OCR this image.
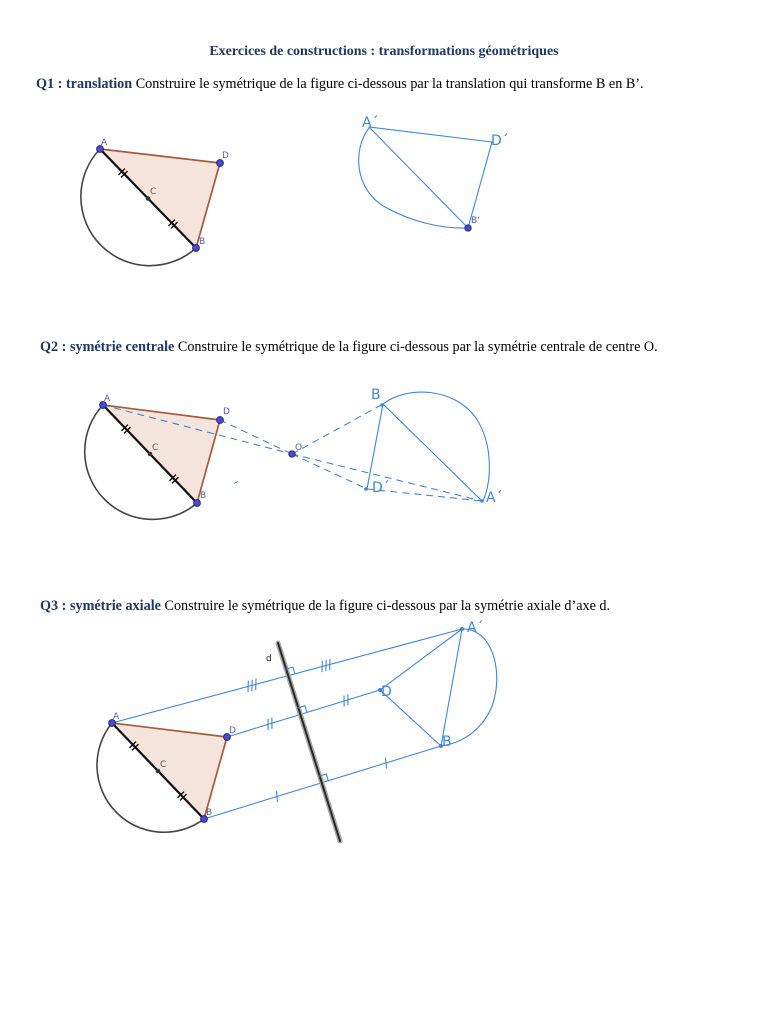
Exercices de constructions : transformations géométriques
Q1 : translation Construire le symétrique de la figure ci-dessous par la translation qui transforme B en B’.
Q2 : symétrie centrale Construire le symétrique de la figure ci-dessous par la symétrie centrale de centre O.
Q3 : symétrie axiale Construire le symétrique de la figure ci-dessous par la symétrie axiale d’axe d.
A
D
C
B
A´
D´
B'
A
D
C
B
O
B
D´
A´
d
A
D
C
B
A´
D
B
